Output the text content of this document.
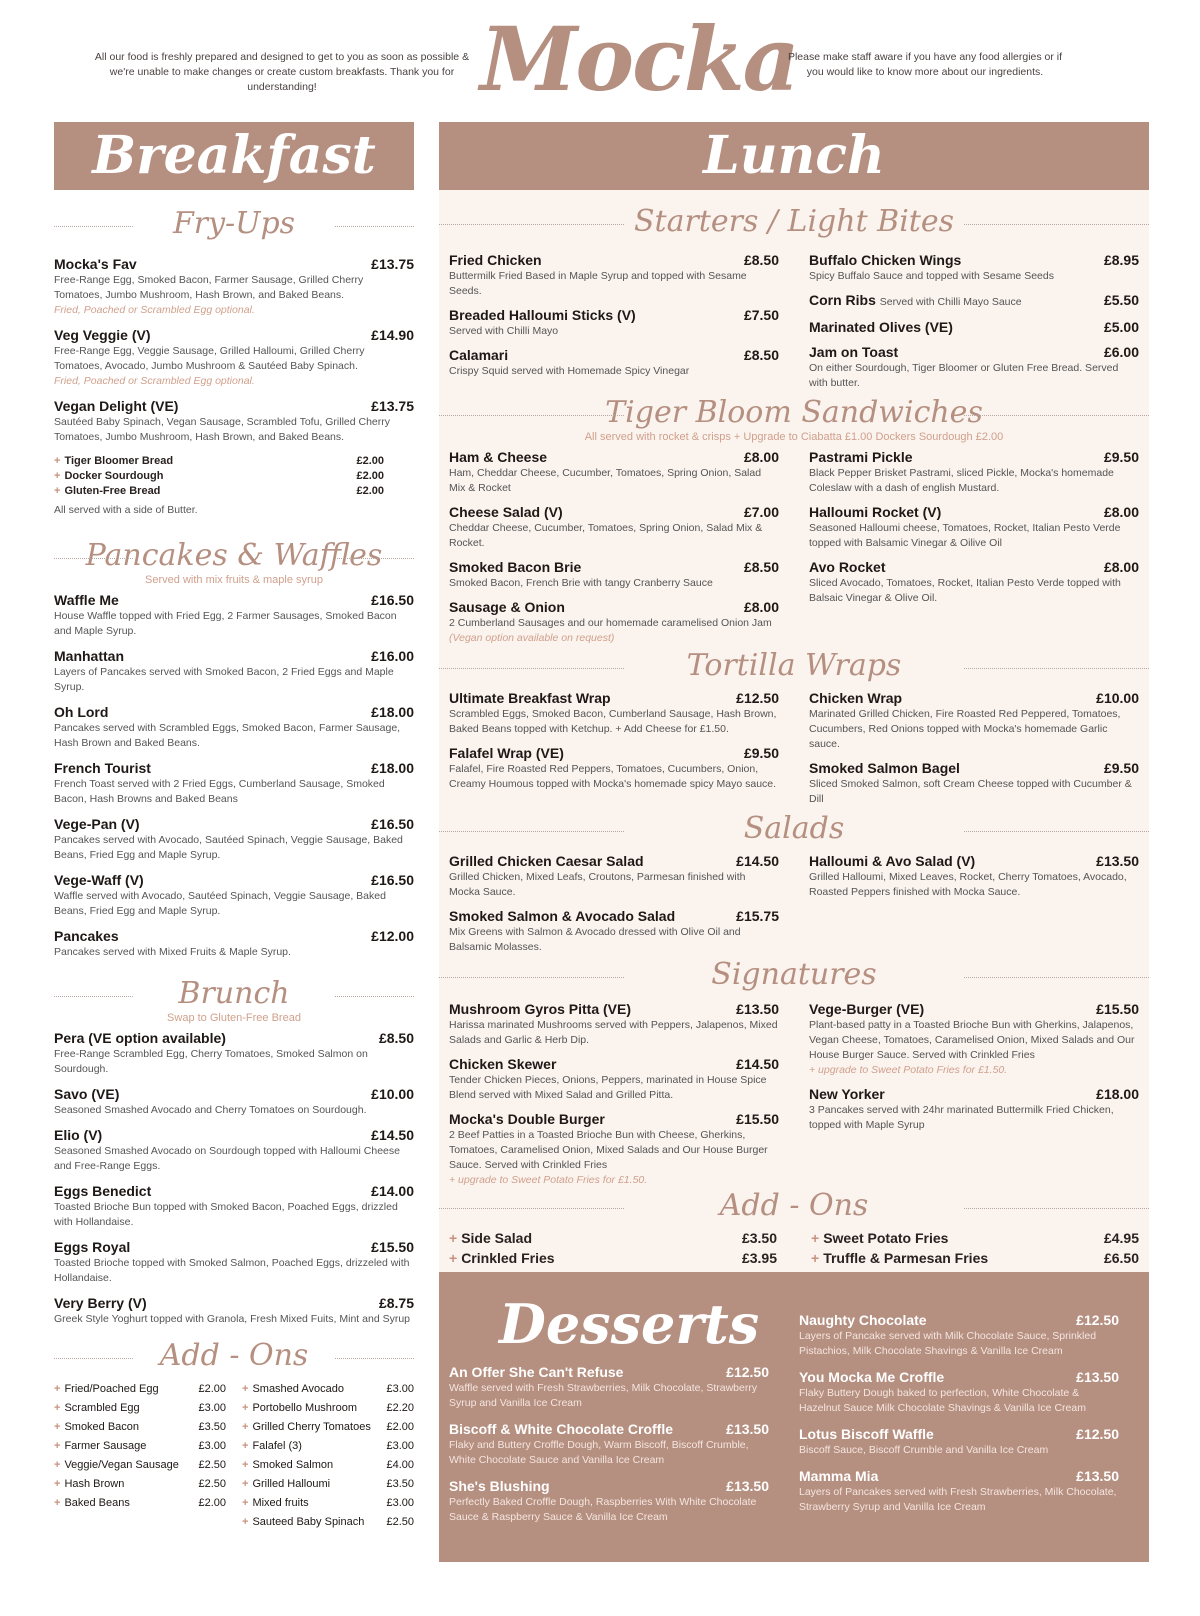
All our food is freshly prepared and designed to get to you as soon as possible & we're unable to make changes or create custom breakfasts. Thank you for understanding!	Mocka
Please make staff aware if you have any food allergies or if you would like to know more about our ingredients.
Breakfast
Fry-Ups
Mocka's Fav	£13.75
Free-Range Egg, Smoked Bacon, Farmer Sausage, Grilled Cherry Tomatoes, Jumbo Mushroom, Hash Brown, and Baked Beans.
Fried, Poached or Scrambled Egg optional.
Veg Veggie (V)	£14.90
Free-Range Egg, Veggie Sausage, Grilled Halloumi, Grilled Cherry Tomatoes, Avocado, Jumbo Mushroom & Sautéed Baby Spinach.
Fried, Poached or Scrambled Egg optional.
Vegan Delight (VE)	£13.75
Sautéed Baby Spinach, Vegan Sausage, Scrambled Tofu, Grilled Cherry Tomatoes, Jumbo Mushroom, Hash Brown, and Baked Beans.
+ Tiger Bloomer Bread	£2.00
+ Docker Sourdough	£2.00
+ Gluten-Free Bread	£2.00
All served with a side of Butter.
Pancakes & Waffles
Served with mix fruits & maple syrup
Waffle Me	£16.50
House Waffle topped with Fried Egg, 2 Farmer Sausages, Smoked Bacon and Maple Syrup.
Manhattan	£16.00
Layers of Pancakes served with Smoked Bacon, 2 Fried Eggs and Maple Syrup.
Oh Lord	£18.00
Pancakes served with Scrambled Eggs, Smoked Bacon, Farmer Sausage, Hash Brown and Baked Beans.
French Tourist	£18.00
French Toast served with 2 Fried Eggs, Cumberland Sausage, Smoked Bacon, Hash Browns and Baked Beans
Vege-Pan (V)	£16.50
Pancakes served with Avocado, Sautéed Spinach, Veggie Sausage, Baked Beans, Fried Egg and Maple Syrup.
Vege-Waff (V)	£16.50
Waffle served with Avocado, Sautéed Spinach, Veggie Sausage, Baked Beans, Fried Egg and Maple Syrup.
Pancakes	£12.00
Pancakes served with Mixed Fruits & Maple Syrup.
Brunch
Swap to Gluten-Free Bread
Pera (VE option available)	£8.50
Free-Range Scrambled Egg, Cherry Tomatoes, Smoked Salmon on Sourdough.
Savo (VE)	£10.00
Seasoned Smashed Avocado and Cherry Tomatoes on Sourdough.
Elio (V)	£14.50
Seasoned Smashed Avocado on Sourdough topped with Halloumi Cheese and Free-Range Eggs.
Eggs Benedict	£14.00
Toasted Brioche Bun topped with Smoked Bacon, Poached Eggs, drizzled with Hollandaise.
Eggs Royal	£15.50
Toasted Brioche topped with Smoked Salmon, Poached Eggs, drizzeled with Hollandaise.
Very Berry (V)	£8.75
Greek Style Yoghurt topped with Granola, Fresh Mixed Fuits, Mint and Syrup
Add - Ons
+ Fried/Poached Egg	£2.00
+ Scrambled Egg	£3.00
+ Smoked Bacon	£3.50
+ Farmer Sausage	£3.00
+ Veggie/Vegan Sausage £2.50
+ Hash Brown	£2.50
+ Baked Beans	£2.00
+ Smashed Avocado	£3.00
+ Portobello Mushroom	£2.20
+ Grilled Cherry Tomatoes £2.00
+ Falafel (3)	£3.00
+ Smoked Salmon	£4.00
+ Grilled Halloumi	£3.50
+ Mixed fruits	£3.00
+ Sauteed Baby Spinach £2.50
Lunch
Starters / Light Bites
Fried Chicken	£8.50
Buttermilk Fried Based in Maple Syrup and topped with Sesame Seeds.
Breaded Halloumi Sticks (V)	£7.50
Served with Chilli Mayo
Calamari	£8.50
Crispy Squid served with Homemade Spicy Vinegar
Buffalo Chicken Wings	£8.95
Spicy Buffalo Sauce and topped with Sesame Seeds
Corn Ribs Served with Chilli Mayo Sauce	£5.50
Marinated Olives (VE)	£5.00
Jam on Toast	£6.00
On either Sourdough, Tiger Bloomer or Gluten Free Bread. Served with butter.
Tiger Bloom Sandwiches
All served with rocket & crisps + Upgrade to Ciabatta £1.00 Dockers Sourdough £2.00
Ham & Cheese	£8.00
Ham, Cheddar Cheese, Cucumber, Tomatoes, Spring Onion, Salad Mix & Rocket
Cheese Salad (V)	£7.00
Cheddar Cheese, Cucumber, Tomatoes, Spring Onion, Salad Mix & Rocket.
Smoked Bacon Brie	£8.50
Smoked Bacon, French Brie with tangy Cranberry Sauce
Sausage & Onion	£8.00
2 Cumberland Sausages and our homemade caramelised Onion Jam (Vegan option available on request)
Pastrami Pickle	£9.50
Black Pepper Brisket Pastrami, sliced Pickle, Mocka's homemade Coleslaw with a dash of english Mustard.
Halloumi Rocket (V)	£8.00
Seasoned Halloumi cheese, Tomatoes, Rocket, Italian Pesto Verde topped with Balsamic Vinegar & Oilive Oil
Avo Rocket	£8.00
Sliced Avocado, Tomatoes, Rocket, Italian Pesto Verde topped with Balsaic Vinegar & Olive Oil.
Tortilla Wraps
Ultimate Breakfast Wrap	£12.50
Scrambled Eggs, Smoked Bacon, Cumberland Sausage, Hash Brown, Baked Beans topped with Ketchup. + Add Cheese for £1.50.
Falafel Wrap (VE)	£9.50
Falafel, Fire Roasted Red Peppers, Tomatoes, Cucumbers, Onion, Creamy Houmous topped with Mocka's homemade spicy Mayo sauce.
Chicken Wrap	£10.00
Marinated Grilled Chicken, Fire Roasted Red Peppered, Tomatoes, Cucumbers, Red Onions topped with Mocka's homemade Garlic sauce.
Smoked Salmon Bagel	£9.50
Sliced Smoked Salmon, soft Cream Cheese topped with Cucumber & Dill
Salads
Grilled Chicken Caesar Salad	£14.50
Grilled Chicken, Mixed Leafs, Croutons, Parmesan finished with Mocka Sauce.
Smoked Salmon & Avocado Salad	£15.75
Mix Greens with Salmon & Avocado dressed with Olive Oil and Balsamic Molasses.
Halloumi & Avo Salad (V)	£13.50
Grilled Halloumi, Mixed Leaves, Rocket, Cherry Tomatoes, Avocado, Roasted Peppers finished with Mocka Sauce.
Signatures
Mushroom Gyros Pitta (VE)	£13.50
Harissa marinated Mushrooms served with Peppers, Jalapenos, Mixed Salads and Garlic & Herb Dip.
Chicken Skewer	£14.50
Tender Chicken Pieces, Onions, Peppers, marinated in House Spice Blend served with Mixed Salad and Grilled Pitta.
Mocka's Double Burger	£15.50
2 Beef Patties in a Toasted Brioche Bun with Cheese, Gherkins, Tomatoes, Caramelised Onion, Mixed Salads and Our House Burger Sauce. Served with Crinkled Fries
+ upgrade to Sweet Potato Fries for £1.50.
Vege-Burger (VE)	£15.50
Plant-based patty in a Toasted Brioche Bun with Gherkins, Jalapenos, Vegan Cheese, Tomatoes, Caramelised Onion, Mixed Salads and Our House Burger Sauce. Served with Crinkled Fries
+ upgrade to Sweet Potato Fries for £1.50.
New Yorker	£18.00
3 Pancakes served with 24hr marinated Buttermilk Fried Chicken, topped with Maple Syrup
Add - Ons
+ Side Salad	£3.50
+ Crinkled Fries	£3.95
+ Sweet Potato Fries	£4.95
+ Truffle & Parmesan Fries	£6.50
Desserts
An Offer She Can't Refuse	£12.50
Waffle served with Fresh Strawberries, Milk Chocolate, Strawberry Syrup and Vanilla Ice Cream
Biscoff & White Chocolate Croffle	£13.50
Flaky and Buttery Croffle Dough, Warm Biscoff, Biscoff Crumble, White Chocolate Sauce and Vanilla Ice Cream
She's Blushing	£13.50
Perfectly Baked Croffle Dough, Raspberries With White Chocolate Sauce & Raspberry Sauce & Vanilla Ice Cream
Naughty Chocolate	£12.50
Layers of Pancake served with Milk Chocolate Sauce, Sprinkled Pistachios, Milk Chocolate Shavings & Vanilla Ice Cream
You Mocka Me Croffle	£13.50
Flaky Buttery Dough baked to perfection, White Chocolate & Hazelnut Sauce Milk Chocolate Shavings & Vanilla Ice Cream
Lotus Biscoff Waffle	£12.50
Biscoff Sauce, Biscoff Crumble and Vanilla Ice Cream
Mamma Mia	£13.50
Layers of Pancakes served with Fresh Strawberries, Milk Chocolate, Strawberry Syrup and Vanilla Ice Cream
